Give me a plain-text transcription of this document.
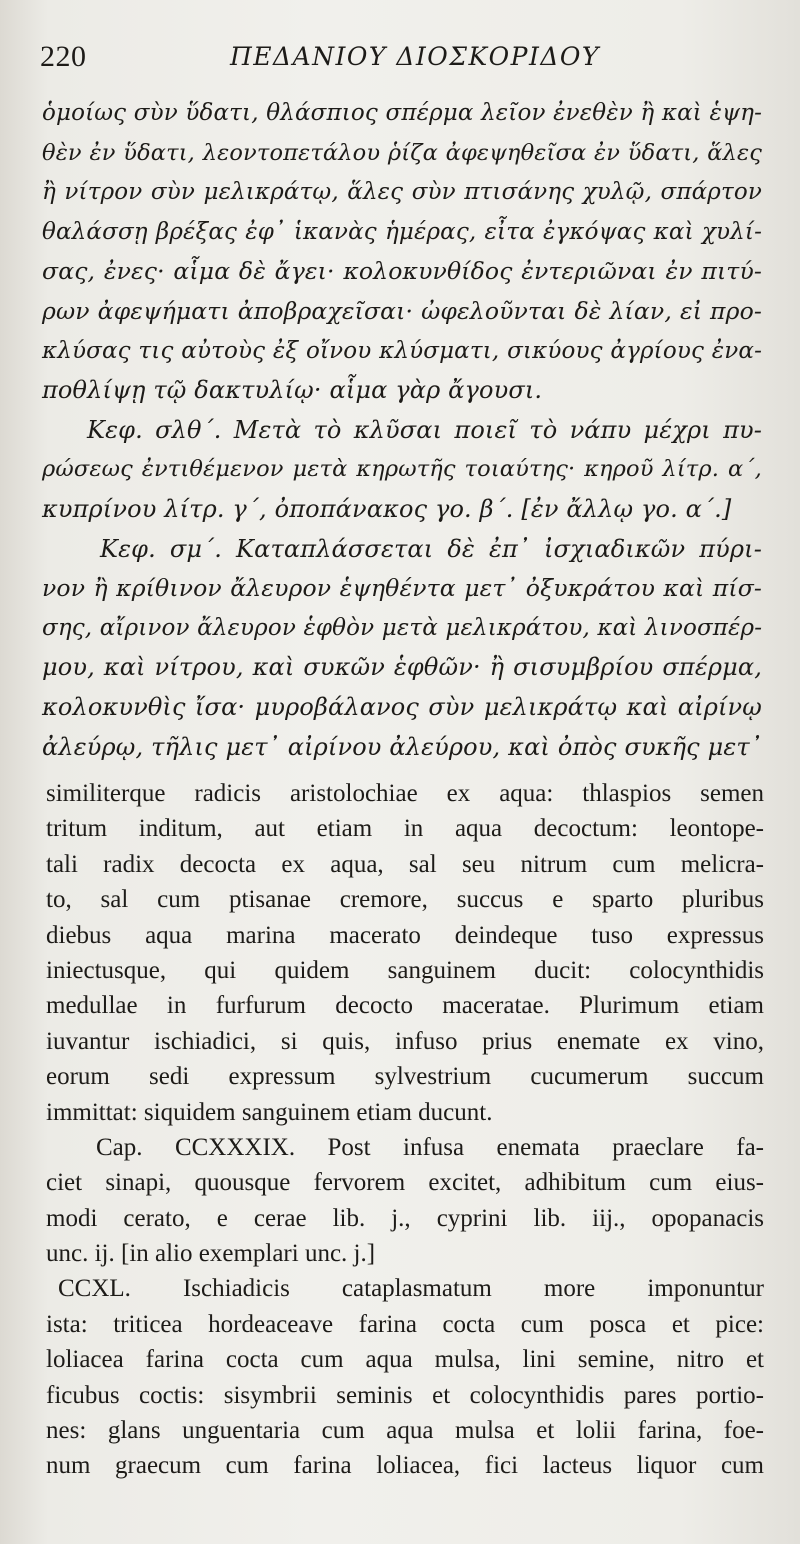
220	ΠΕΔΑΝΙΟΥ ΔΙΟΣΚΟΡΙΔΟΥ
ὁμοίως σὺν ὕδατι, θλάσπιος σπέρμα λεῖον ἐνεθὲν ἢ καὶ ἑψη-
θὲν ἐν ὕδατι, λεοντοπετάλου ῥίζα ἀφεψηθεῖσα ἐν ὕδατι, ἅλες
ἢ νίτρον σὺν μελικράτῳ, ἅλες σὺν πτισάνης χυλῷ, σπάρτον
θαλάσσῃ βρέξας ἐφ᾽ ἱκανὰς ἡμέρας, εἶτα ἐγκόψας καὶ χυλί-
σας, ἐνες· αἷμα δὲ ἄγει· κολοκυνθίδος ἐντεριῶναι ἐν πιτύ-
ρων ἀφεψήματι ἀποβραχεῖσαι· ὠφελοῦνται δὲ λίαν, εἰ προ-
κλύσας τις αὐτοὺς ἐξ οἴνου κλύσματι, σικύους ἀγρίους ἐνα-
ποθλίψῃ τῷ δακτυλίῳ· αἷμα γὰρ ἄγουσι.
Κεφ. σλθ΄. Μετὰ τὸ κλῦσαι ποιεῖ τὸ νάπυ μέχρι πυ-
ρώσεως ἐντιθέμενον μετὰ κηρωτῆς τοιαύτης· κηροῦ λίτρ. α΄,
κυπρίνου λίτρ. γ΄, ὀποπάνακος γο. β΄. [ἐν ἄλλῳ γο. α΄.]
Κεφ. σμ΄. Καταπλάσσεται δὲ ἐπ᾽ ἰσχιαδικῶν πύρι-
νον ἢ κρίθινον ἄλευρον ἑψηθέντα μετ᾽ ὀξυκράτου καὶ πίσ-
σης, αἴρινον ἄλευρον ἑφθὸν μετὰ μελικράτου, καὶ λινοσπέρ-
μου, καὶ νίτρου, καὶ συκῶν ἑφθῶν· ἢ σισυμβρίου σπέρμα,
κολοκυνθὶς ἴσα· μυροβάλανος σὺν μελικράτῳ καὶ αἰρίνῳ
ἀλεύρῳ, τῆλις μετ᾽ αἰρίνου ἀλεύρου, καὶ ὀπὸς συκῆς μετ᾽
similiterque radicis aristolochiae ex aqua: thlaspios semen
tritum inditum, aut etiam in aqua decoctum: leontope-
tali radix decocta ex aqua, sal seu nitrum cum melicra-
to, sal cum ptisanae cremore, succus e sparto pluribus
diebus aqua marina macerato deindeque tuso expressus
iniectusque, qui quidem sanguinem ducit: colocynthidis
medullae in furfurum decocto maceratae. Plurimum etiam
iuvantur ischiadici, si quis, infuso prius enemate ex vino,
eorum sedi expressum sylvestrium cucumerum succum
immittat: siquidem sanguinem etiam ducunt.
Cap. CCXXXIX. Post infusa enemata praeclare fa-
ciet sinapi, quousque fervorem excitet, adhibitum cum eius-
modi cerato, e cerae lib. j., cyprini lib. iij., opopanacis
unc. ij. [in alio exemplari unc. j.]
CCXL. Ischiadicis cataplasmatum more imponuntur
ista: triticea hordeaceave farina cocta cum posca et pice:
loliacea farina cocta cum aqua mulsa, lini semine, nitro et
ficubus coctis: sisymbrii seminis et colocynthidis pares portio-
nes: glans unguentaria cum aqua mulsa et lolii farina, foe-
num graecum cum farina loliacea, fici lacteus liquor cum
